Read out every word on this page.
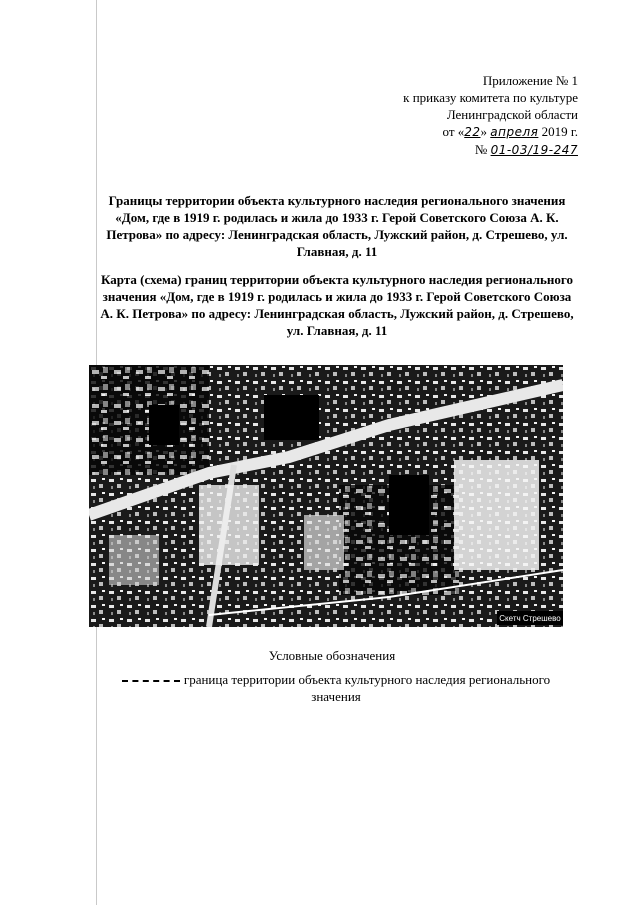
Приложение № 1
к приказу комитета по культуре
Ленинградской области
от «22» апреля 2019 г.
№ 01-03/19-247
Границы территории объекта культурного наследия регионального значения «Дом, где в 1919 г. родилась и жила до 1933 г. Герой Советского Союза А. К. Петрова» по адресу: Ленинградская область, Лужский район, д. Стрешево, ул. Главная, д. 11
Карта (схема) границ территории объекта культурного наследия регионального значения «Дом, где в 1919 г. родилась и жила до 1933 г. Герой Советского Союза А. К. Петрова» по адресу: Ленинградская область, Лужский район, д. Стрешево, ул. Главная, д. 11
Скетч Стрешево
Условные обозначения
границa территории объекта культурного наследия регионального значения
